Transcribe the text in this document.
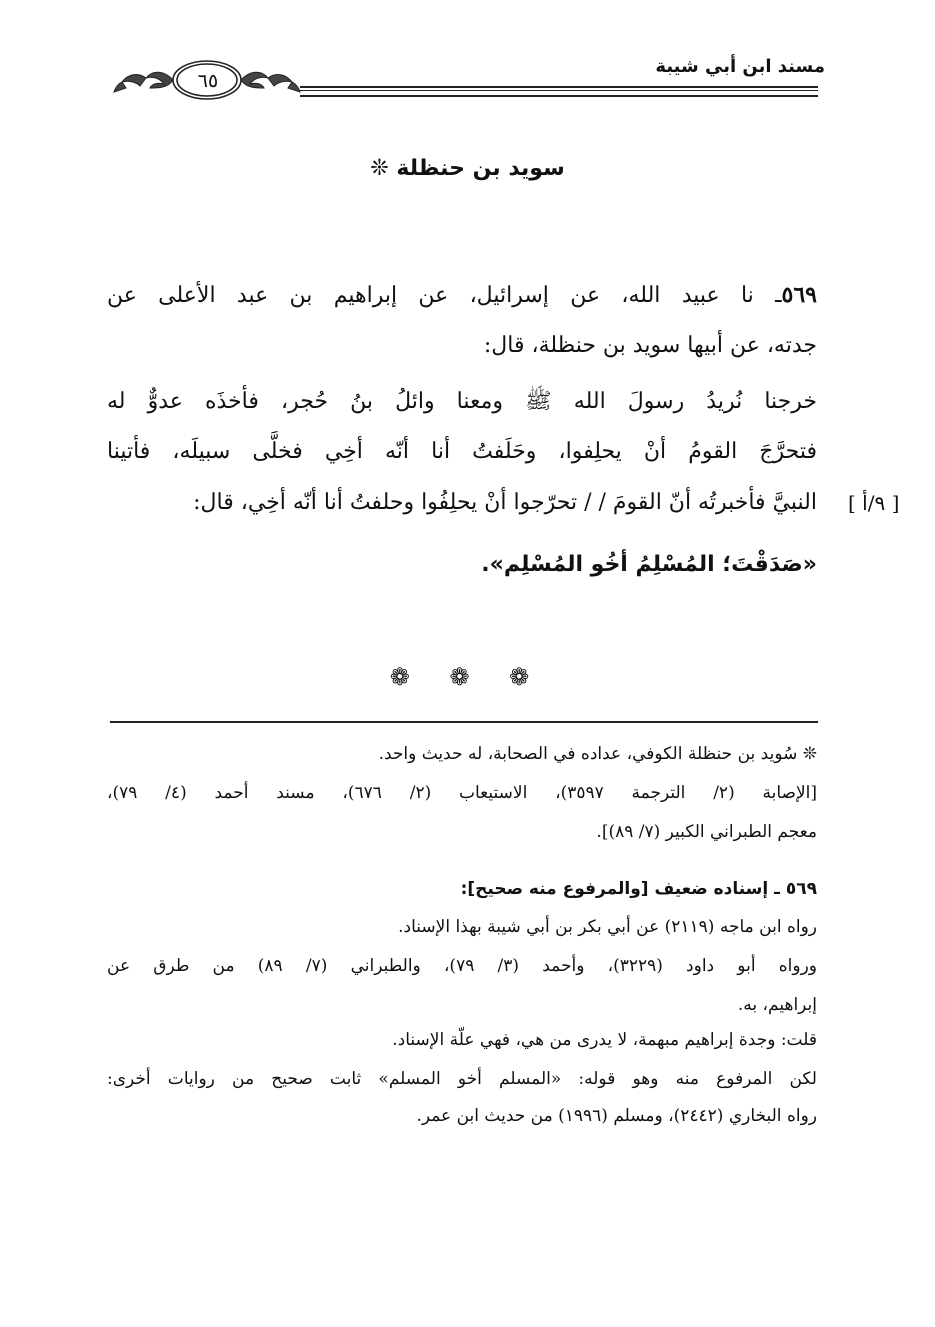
مسند ابن أبي شيبة
٦٥
سويد بن حنظلة ❊
٥٦٩ـ نا عبيد الله، عن إسرائيل، عن إبراهيم بن عبد الأعلى عن
جدته، عن أبيها سويد بن حنظلة، قال:
خرجنا نُريدُ رسولَ الله ﷺ ومعنا وائلُ بنُ حُجر، فأخذَه عدوٌّ له
فتحرَّجَ القومُ أنْ يحلِفوا، وحَلَفتُ أنا أنّه أخِي فخلَّى سبيلَه، فأتينا
النبيَّ فأخبرتُه أنّ القومَ / / تحرّجوا أنْ يحلِفُوا وحلفتُ أنا أنّه أخِي، قال: [ ٩/أ ]
«صَدَقْتَ؛ المُسْلِمُ أخُو المُسْلِم».
❁ ❁ ❁
❊ سُويد بن حنظلة الكوفي، عداده في الصحابة، له حديث واحد.
[الإصابة (٢/ الترجمة ٣٥٩٧)، الاستيعاب (٢/ ٦٧٦)، مسند أحمد (٤/ ٧٩)،
معجم الطبراني الكبير (٧/ ٨٩)].
٥٦٩ ـ إسناده ضعيف [والمرفوع منه صحيح]:
رواه ابن ماجه (٢١١٩) عن أبي بكر بن أبي شيبة بهذا الإسناد.
ورواه أبو داود (٣٢٢٩)، وأحمد (٣/ ٧٩)، والطبراني (٧/ ٨٩) من طرق عن
إبراهيم، به.
قلت: وجدة إبراهيم مبهمة، لا يدرى من هي، فهي علّة الإسناد.
لكن المرفوع منه وهو قوله: «المسلم أخو المسلم» ثابت صحيح من روايات أخرى:
رواه البخاري (٢٤٤٢)، ومسلم (١٩٩٦) من حديث ابن عمر.
